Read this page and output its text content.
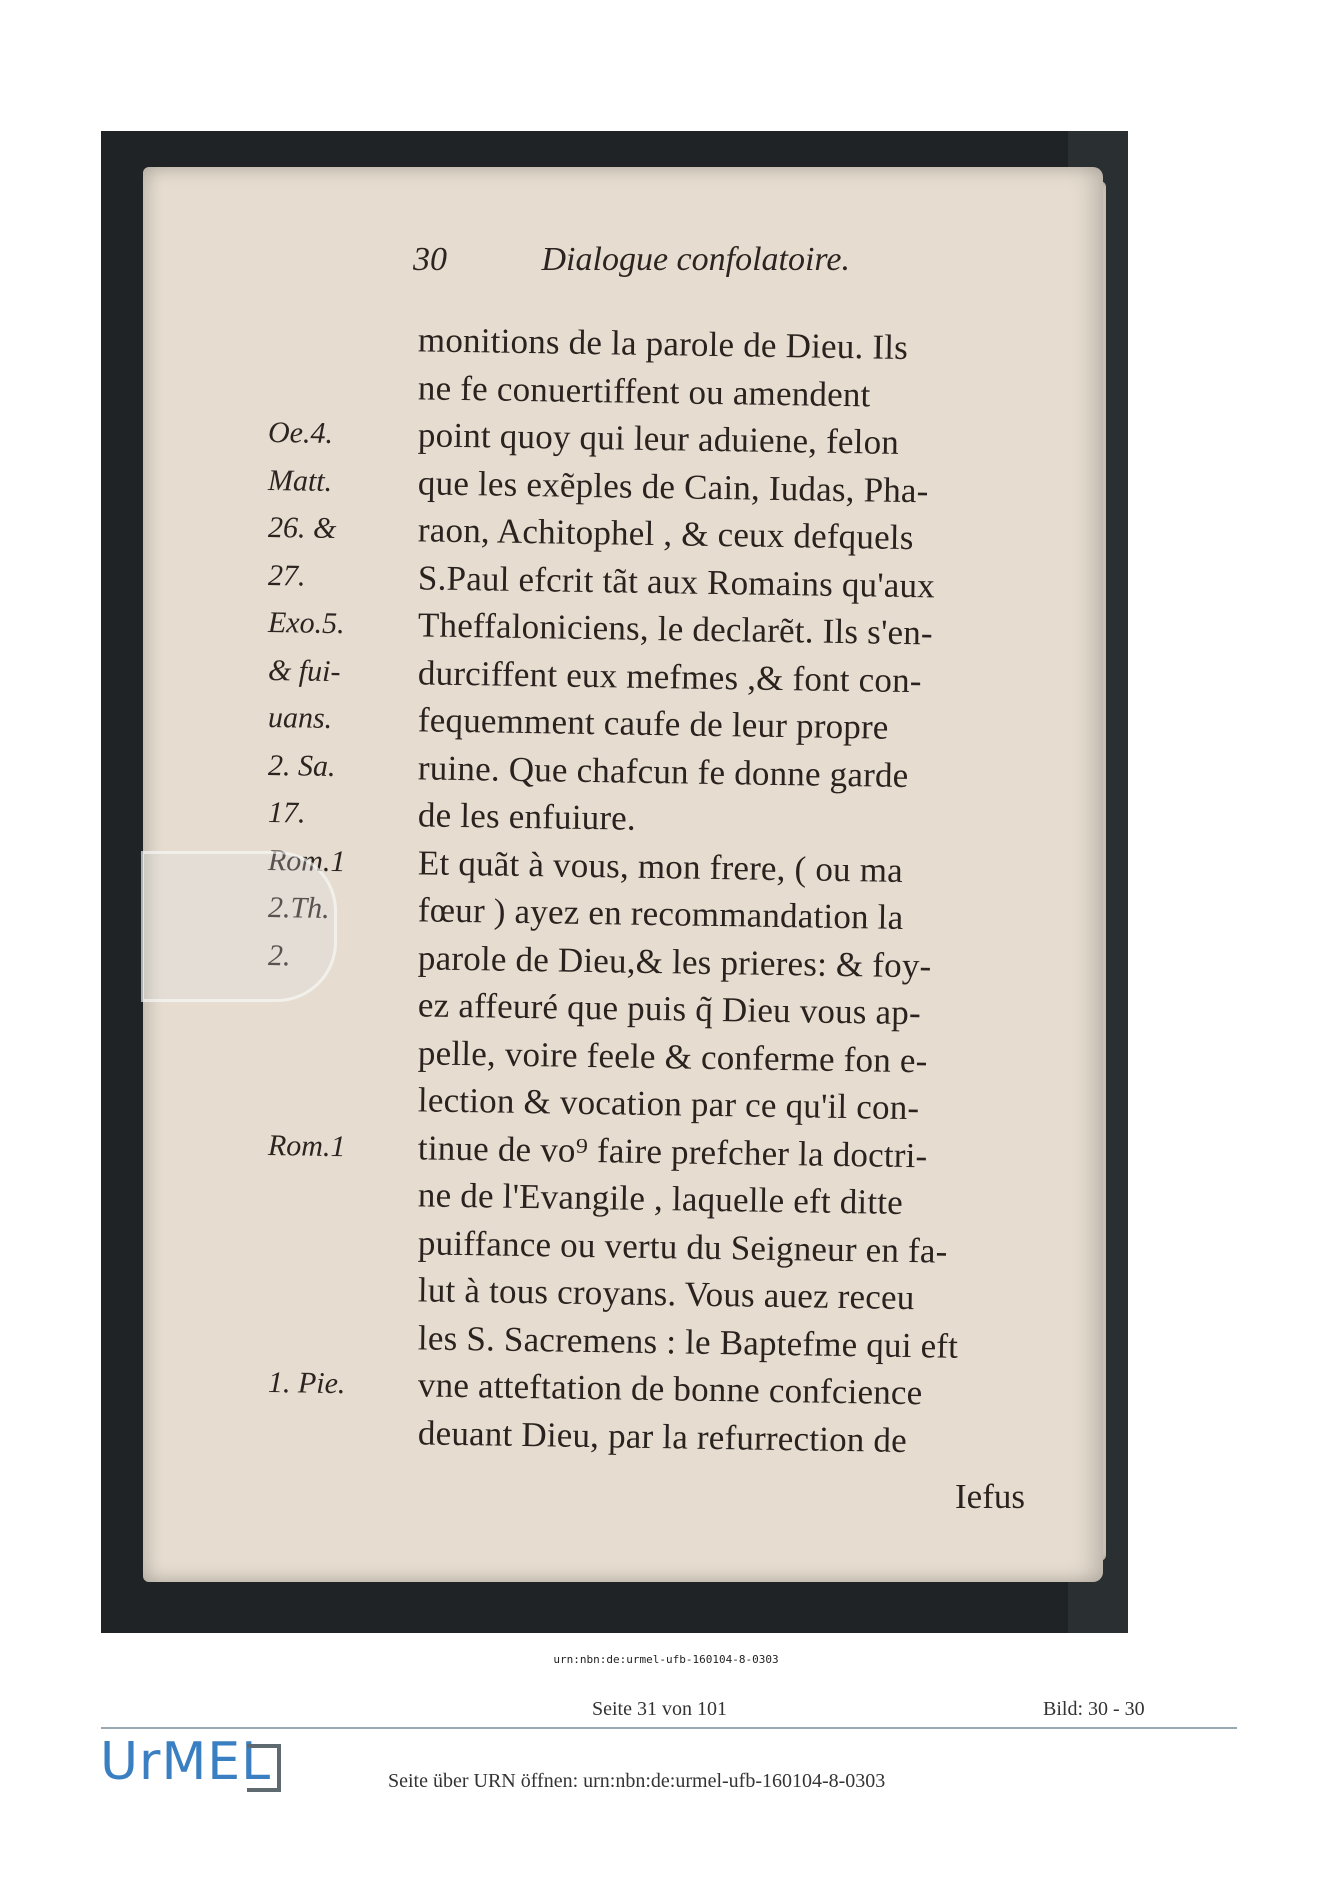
30	Dialogue confolatoire.
monitions de la parole de Dieu. Ils
ne fe conuertiffent ou amendent
Oe.4.	point quoy qui leur aduiene, felon
Matt.	que les exẽples de Cain, Iudas, Pha-
26. &	raon, Achitophel , & ceux defquels
27.	S.Paul efcrit tãt aux Romains qu'aux
Exo.5.	Theffaloniciens, le declarẽt. Ils s'en-
& fui-	durciffent eux mefmes ,& font con-
uans.	fequemment caufe de leur propre
2. Sa.	ruine. Que chafcun fe donne garde
17.	de les enfuiure.
Rom.1	Et quãt à vous, mon frere, ( ou ma
2.Th.	fœur ) ayez en recommandation la
2.	parole de Dieu,& les prieres: & foy-
ez affeuré que puis q̃ Dieu vous ap-
pelle, voire feele & conferme fon e-
lection & vocation par ce qu'il con-
Rom.1	tinue de vo⁹ faire prefcher la doctri-
ne de l'Evangile , laquelle eft ditte
puiffance ou vertu du Seigneur en fa-
lut à tous croyans. Vous auez receu
les S. Sacremens : le Baptefme qui eft
1. Pie.	vne atteftation de bonne confcience
deuant Dieu, par la refurrection de
Iefus
urn:nbn:de:urmel-ufb-160104-8-0303
Seite 31 von 101	Bild: 30 - 30
UrMEL	Seite über URN öffnen: urn:nbn:de:urmel-ufb-160104-8-0303
